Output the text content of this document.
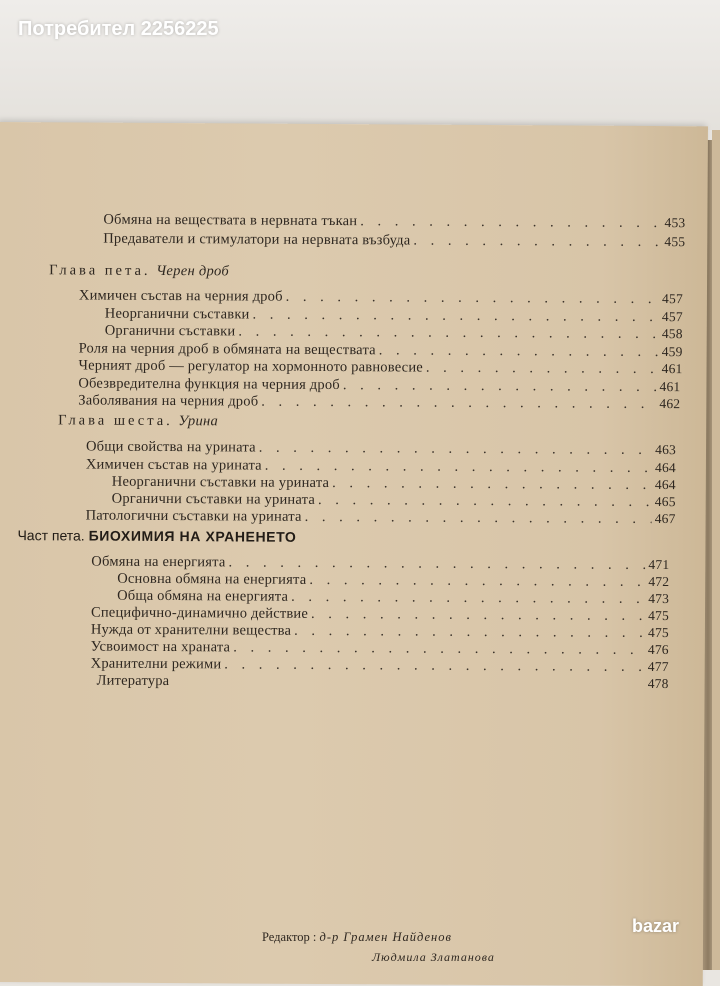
Потребител 2256225
Обмяна на веществата в нервната тъкан . . .	453
Предаватели и стимулатори на нервната възбуда . . .	455
Глава пета. Черен дроб
Химичен състав на черния дроб . . .	457
Неорганични съставки . . .	457
Органични съставки . . .	458
Роля на черния дроб в обмяната на веществата . . .	459
Черният дроб — регулатор на хормонното равновесие . . .	461
Обезвредителна функция на черния дроб . . .	461
Заболявания на черния дроб . . .	462
Глава шеста. Урина
Общи свойства на урината . . .	463
Химичен състав на урината . . .	464
Неорганични съставки на урината . . .	464
Органични съставки на урината . . .	465
Патологични съставки на урината . . .	467
Част пета. БИОХИМИЯ НА ХРАНЕНЕТО
Обмяна на енергията . . .	471
Основна обмяна на енергията . . .	472
Обща обмяна на енергията . . .	473
Специфично-динамично действие . . .	475
Нужда от хранителни вещества . . .	475
Усвоимост на храната . . .	476
Хранителни режими . . .	477
Литература	478
Редактор : д-р Грамен Найденов
Людмила Златанова
bazar
